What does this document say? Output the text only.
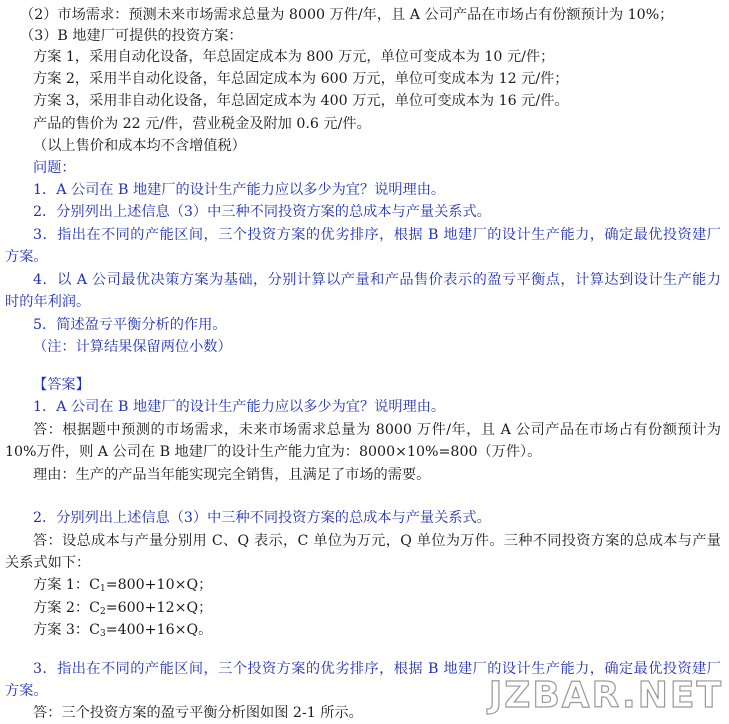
（2）市场需求：预测未来市场需求总量为 8000 万件/年，且 A 公司产品在市场占有份额预计为 10%；
（3）B 地建厂可提供的投资方案：
方案 1，采用自动化设备，年总固定成本为 800 万元，单位可变成本为 10 元/件；
方案 2，采用半自动化设备，年总固定成本为 600 万元，单位可变成本为 12 元/件；
方案 3，采用非自动化设备，年总固定成本为 400 万元，单位可变成本为 16 元/件。
产品的售价为 22 元/件，营业税金及附加 0.6 元/件。
（以上售价和成本均不含增值税）
问题：
1．A 公司在 B 地建厂的设计生产能力应以多少为宜？说明理由。
2．分别列出上述信息（3）中三种不同投资方案的总成本与产量关系式。
3．指出在不同的产能区间，三个投资方案的优劣排序，根据 B 地建厂的设计生产能力，确定最优投资建厂
方案。
4．以 A 公司最优决策方案为基础，分别计算以产量和产品售价表示的盈亏平衡点，计算达到设计生产能力
时的年利润。
5．简述盈亏平衡分析的作用。
（注：计算结果保留两位小数）
【答案】
1．A 公司在 B 地建厂的设计生产能力应以多少为宜？说明理由。
答：根据题中预测的市场需求，未来市场需求总量为 8000 万件/年，且 A 公司产品在市场占有份额预计为
10%万件，则 A 公司在 B 地建厂的设计生产能力宜为：8000×10%=800（万件）。
理由：生产的产品当年能实现完全销售，且满足了市场的需要。
2．分别列出上述信息（3）中三种不同投资方案的总成本与产量关系式。
答：设总成本与产量分别用 C、Q 表示，C 单位为万元，Q 单位为万件。三种不同投资方案的总成本与产量
关系式如下：
方案 1：$C_1=800+10\times Q$；
方案 2：$C_2=600+12\times Q$；
方案 3：$C_3=400+16\times Q$。
3．指出在不同的产能区间，三个投资方案的优劣排序，根据 B 地建厂的设计生产能力，确定最优投资建厂
方案。
答：三个投资方案的盈亏平衡分析图如图 2-1 所示。	JZBAR.NET
